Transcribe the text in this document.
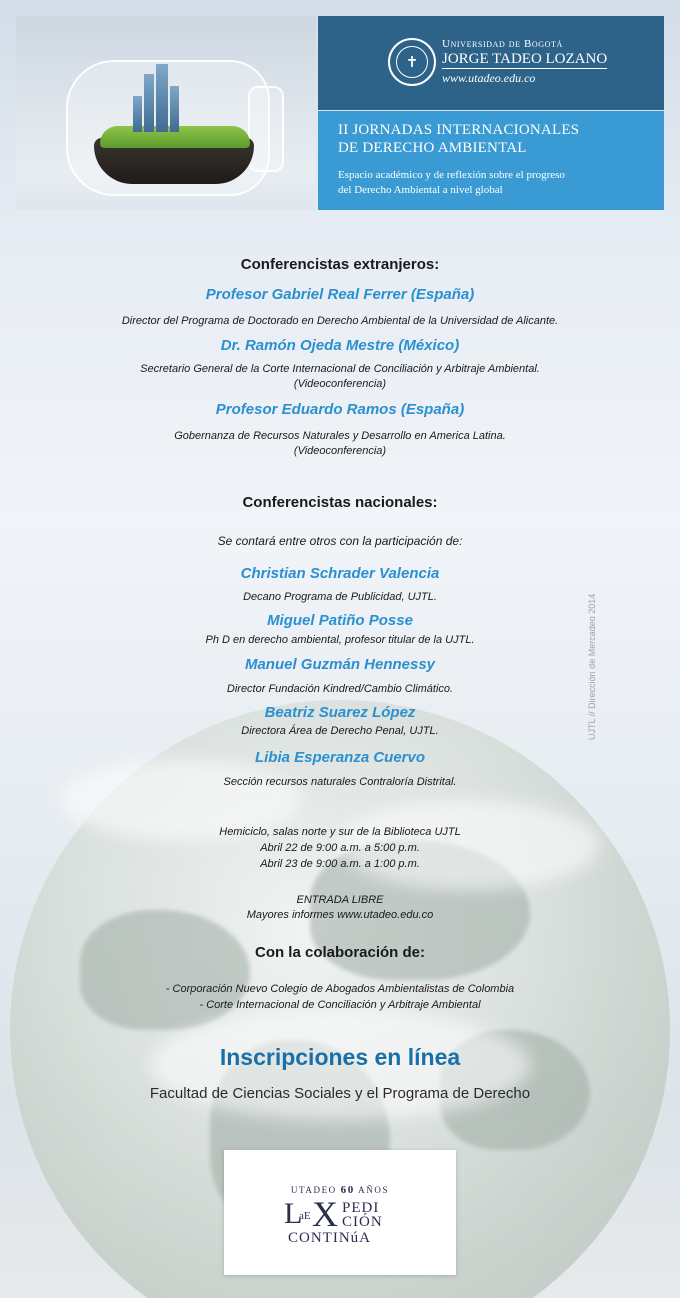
✝
Universidad de Bogotá
JORGE TADEO LOZANO
www.utadeo.edu.co
II JORNADAS INTERNACIONALES
DE DERECHO AMBIENTAL
Espacio académico y de reflexión sobre el progreso
del Derecho Ambiental a nivel global
Conferencistas extranjeros:
Profesor Gabriel Real Ferrer (España)
Director del Programa de Doctorado en Derecho Ambiental de la Universidad de Alicante.
Dr. Ramón Ojeda Mestre (México)
Secretario General de la Corte Internacional de Conciliación y Arbitraje Ambiental.
(Videoconferencia)
Profesor Eduardo Ramos (España)
Gobernanza de Recursos Naturales y Desarrollo en America Latina.
(Videoconferencia)
Conferencistas nacionales:
Se contará entre otros con la participación de:
Christian Schrader Valencia
Decano Programa de Publicidad, UJTL.
Miguel Patiño Posse
Ph D en derecho ambiental, profesor titular de la UJTL.
Manuel Guzmán Hennessy
Director Fundación Kindred/Cambio Climático.
Beatriz Suarez López
Directora Área de Derecho Penal, UJTL.
Libia Esperanza Cuervo
Sección recursos naturales Contraloría Distrital.
UJTL // Dirección de Mercadeo 2014
Hemiciclo, salas norte y sur de la Biblioteca UJTL
Abril 22 de 9:00 a.m. a 5:00 p.m.
Abril 23 de 9:00 a.m. a 1:00 p.m.
ENTRADA LIBRE
Mayores informes www.utadeo.edu.co
Con la colaboración de:
- Corporación Nuevo Colegio de Abogados Ambientalistas de Colombia
- Corte Internacional de Conciliación y Arbitraje Ambiental
Inscripciones en línea
Facultad de Ciencias Sociales y el Programa de Derecho
UTADEO 60 AÑOS
L
aE X PEDI
CIÓN
CONTINúA
